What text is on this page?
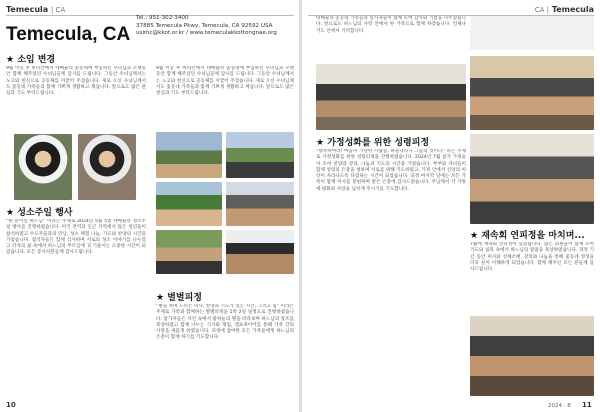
Temecula | CA
Temecula, CA
Tel.: 951-302-3400
37885 Temecula Pkwy, Temecula, CA 92592 USA
usimc@kkot.or.kr / www.temeculakkottongnae.org
★ 소임 변경
9월 이동 후 바티칸에서 테메큘라 꽃동네에 부임하신 수녀님과 오랫동안 함께 해주셨던 수녀님들께 감사를 드립니다. 그동안 수녀님께서는 노고와 헌신으로 공동체를 이끌어 주셨습니다. 새로 오신 수녀님께서도 꽃동네 가족들과 함께 기쁘게 생활하고 계십니다. 앞으로도 많은 관심과 기도 부탁드립니다.
★ 성소주일 행사
“한 분이신 하느님” 이라는 주제로 2024년 5월 5일 테메큘라 성소주일 행사를 진행하였습니다. 미국 전역과 인근 지역에서 많은 청년들이 참석하였고 수도자들과의 만남, 성소 체험 나눔, 기도와 찬양의 시간을 가졌습니다. 참석자들은 함께 식사하며 서로의 성소 이야기를 나누었고 각자의 삶 속에서 하느님의 부르심에 귀 기울이는 소중한 시간이 되었습니다. 모든 봉사자분들께 감사드립니다.
9월 이동 후 바티칸에서 테메큘라 꽃동네에 부임하신 수녀님과 오랫동안 함께 해주셨던 수녀님들께 감사를 드립니다. 그동안 수녀님께서는 노고와 헌신으로 공동체를 이끌어 주셨습니다. 새로 오신 수녀님께서도 꽃동네 가족들과 함께 기쁘게 생활하고 계십니다. 앞으로도 많은 관심과 기도 부탁드립니다.
★ 별별피정
“별들 보며 드리는 미사, 찬양과 기도가 있는 시간, 그리고 쉼” 이라는 주제로 가족과 함께하는 별별피정을 1박 2일 일정으로 진행하였습니다. 참가자들은 자연 속에서 밤하늘의 별을 바라보며 하느님의 창조를 묵상하였고 함께 나누는 식사와 게임, 캠프파이어를 통해 가족 간의 사랑을 새롭게 하였습니다. 피정에 참여한 모든 가족들에게 하느님의 은총이 함께 하기를 기도합니다.
10
CA | Temecula
테메큘라 꽃동네 가족들과 봉사자들이 함께 모여 감사와 기쁨을 나누었습니다. 앞으로도 하느님의 사랑 안에서 한 가족으로 함께 하겠습니다. 언제나 기도 안에서 기억합니다.
★ 가정성화를 위한 성령피정
“행복하여라! 마음이 가난한 사람들, 하늘나라가 그들의 것이다” 라는 주제로 가정성화를 위한 성령피정을 진행하였습니다. 2024년 7월 참가 가정들이 모여 찬양과 강의, 나눔과 기도의 시간을 가졌습니다. 부부와 자녀들이 함께 성령의 은총을 청하며 서로를 위해 기도하였고, 가정 안에서 신앙의 씨앗이 자라나도록 다짐하는 시간이 되었습니다. 피정 마지막 날에는 모든 가족이 함께 미사를 봉헌하며 받은 은총에 감사드렸습니다. 주님께서 각 가정에 평화와 사랑을 넘치게 주시기를 기도합니다.
★ 재속회 연피정을 마치며...
7월에 재속회 연피정이 있었습니다. 많은 회원들이 함께 모여 기도와 침묵 속에서 하느님의 말씀을 묵상하였습니다. 피정 기간 동안 미사와 성체조배, 강의와 나눔을 통해 꽃동네 영성을 더욱 깊이 이해하게 되었습니다. 함께 해주신 모든 분들께 감사드립니다.
2024 · 8 11
